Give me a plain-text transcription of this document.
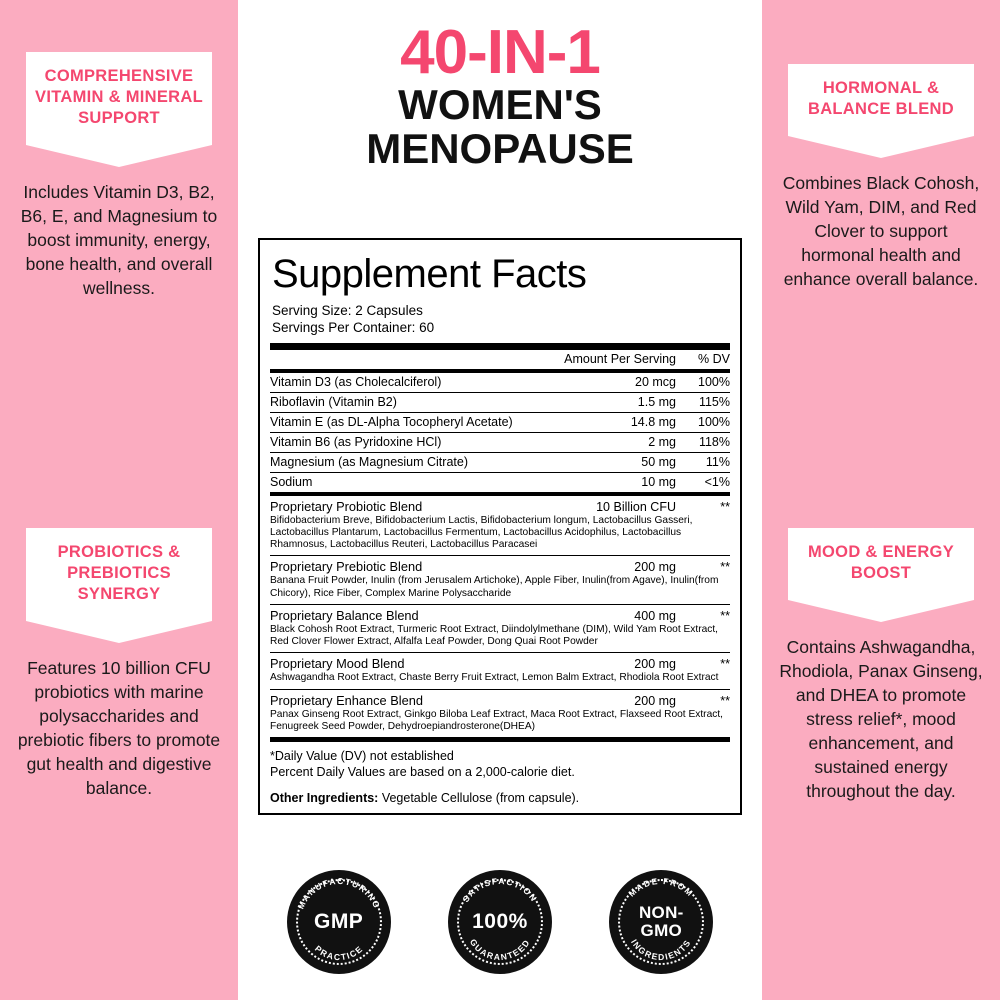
40-IN-1
WOMEN'S
MENOPAUSE
Supplement Facts
Serving Size: 2 Capsules
Servings Per Container: 60
	Amount Per Serving	% DV
Vitamin D3 (as Cholecalciferol)	20 mcg	100%
Riboflavin (Vitamin B2)	1.5 mg	115%
Vitamin E (as DL-Alpha Tocopheryl Acetate)	14.8 mg	100%
Vitamin B6 (as Pyridoxine HCl)	2 mg	118%
Magnesium (as Magnesium Citrate)	50 mg	11%
Sodium	10 mg	<1%
Proprietary Probiotic Blend	10 Billion CFU	**
Bifidobacterium Breve, Bifidobacterium Lactis, Bifidobacterium longum, Lactobacillus Gasseri, Lactobacillus Plantarum, Lactobacillus Fermentum, Lactobacillus Acidophilus, Lactobacillus Rhamnosus, Lactobacillus Reuteri, Lactobacillus Paracasei
Proprietary Prebiotic Blend	200 mg	**
Banana Fruit Powder, Inulin (from Jerusalem Artichoke), Apple Fiber, Inulin(from Agave), Inulin(from Chicory), Rice Fiber, Complex Marine Polysaccharide
Proprietary Balance Blend	400 mg	**
Black Cohosh Root Extract, Turmeric Root Extract, Diindolylmethane (DIM), Wild Yam Root Extract, Red Clover Flower Extract, Alfalfa Leaf Powder, Dong Quai Root Powder
Proprietary Mood Blend	200 mg	**
Ashwagandha Root Extract, Chaste Berry Fruit Extract, Lemon Balm Extract, Rhodiola Root Extract
Proprietary Enhance Blend	200 mg	**
Panax Ginseng Root Extract, Ginkgo Biloba Leaf Extract, Maca Root Extract, Flaxseed Root Extract, Fenugreek Seed Powder, Dehydroepiandrosterone(DHEA)
*Daily Value (DV) not established
Percent Daily Values are based on a 2,000-calorie diet.
Other Ingredients: Vegetable Cellulose (from capsule).
MANUFACTURING
PRACTICE
GMP
SATISFACTION
GUARANTEED
100%
MADE FROM
INGREDIENTS
NON-
GMO
COMPREHENSIVE VITAMIN & MINERAL SUPPORT
Includes Vitamin D3, B2, B6, E, and Magnesium to boost immunity, energy, bone health, and overall wellness.
HORMONAL & BALANCE BLEND
Combines Black Cohosh, Wild Yam, DIM, and Red Clover to support hormonal health and enhance overall balance.
PROBIOTICS & PREBIOTICS SYNERGY
Features 10 billion CFU probiotics with marine polysaccharides and prebiotic fibers to promote gut health and digestive balance.
MOOD & ENERGY BOOST
Contains Ashwagandha, Rhodiola, Panax Ginseng, and DHEA to promote stress relief*, mood enhancement, and sustained energy throughout the day.
